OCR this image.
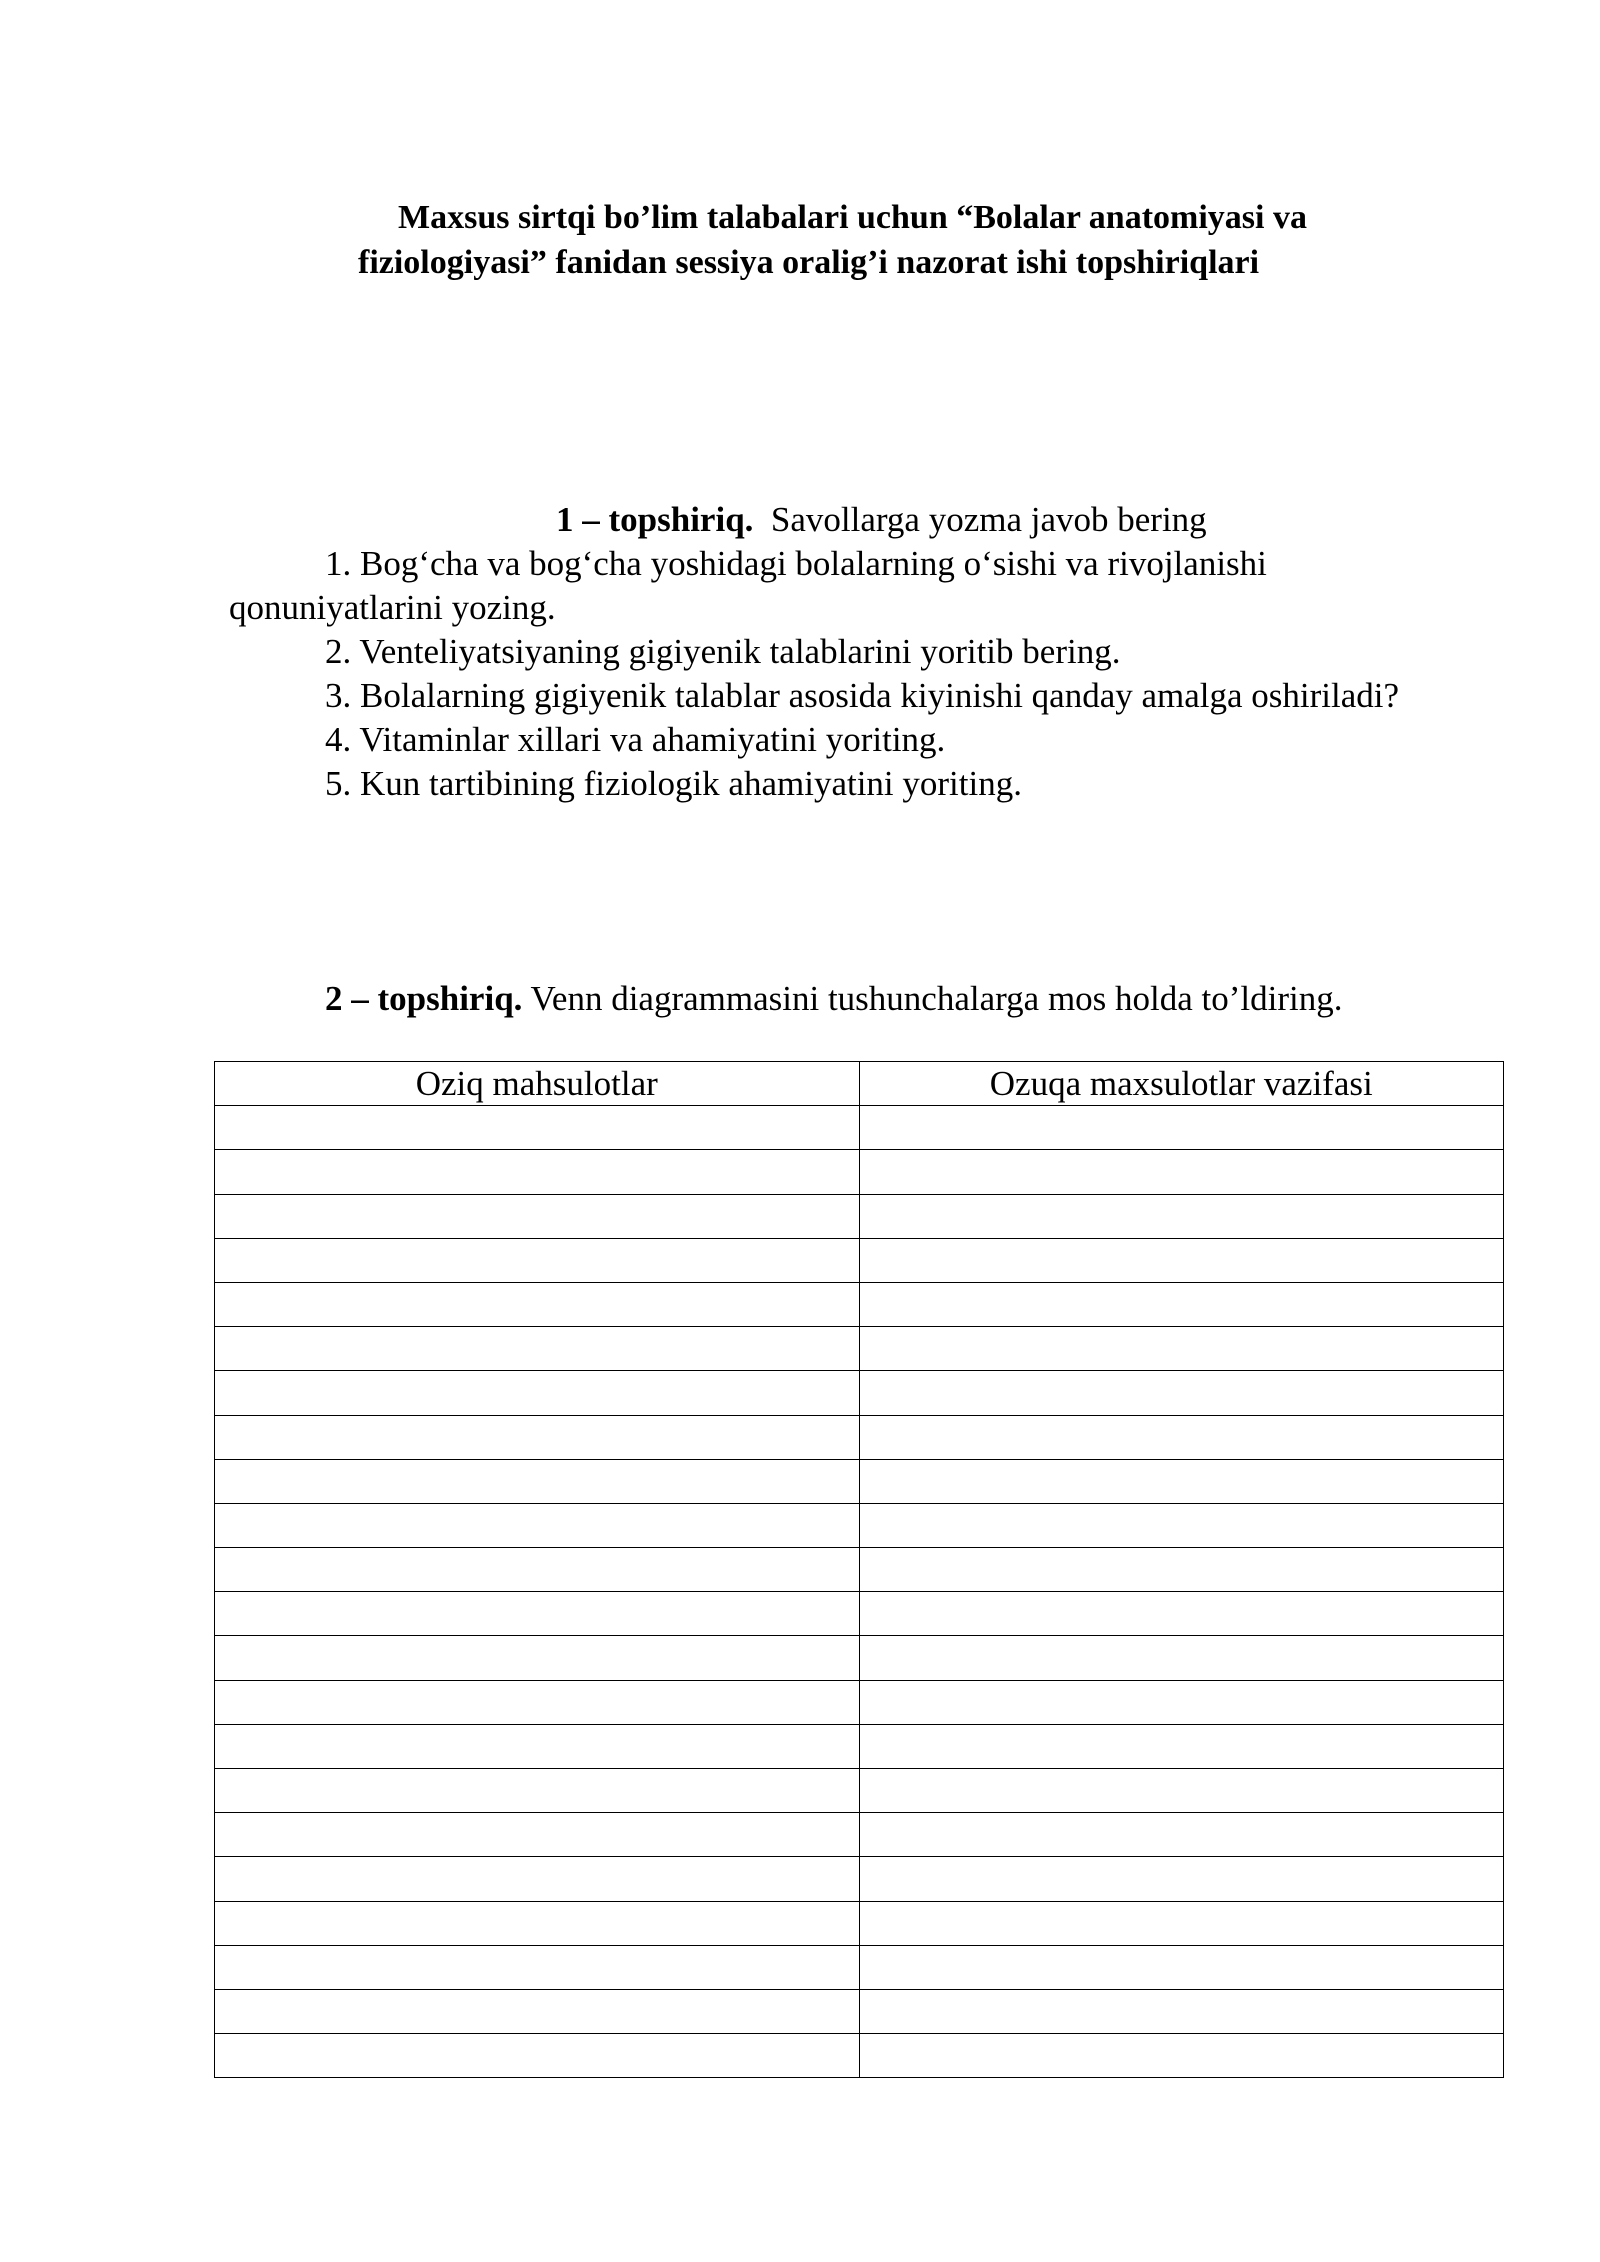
Maxsus sirtqi bo’lim talabalari uchun “Bolalar anatomiyasi va
fiziologiyasi” fanidan sessiya oralig’i nazorat ishi topshiriqlari
1 – topshiriq. Savollarga yozma javob bering
1. Bog‘cha va bog‘cha yoshidagi bolalarning o‘sishi va rivojlanishi
qonuniyatlarini yozing.
2. Venteliyatsiyaning gigiyenik talablarini yoritib bering.
3. Bolalarning gigiyenik talablar asosida kiyinishi qanday amalga oshiriladi?
4. Vitaminlar xillari va ahamiyatini yoriting.
5. Kun tartibining fiziologik ahamiyatini yoriting.
2 – topshiriq. Venn diagrammasini tushunchalarga mos holda to’ldiring.
Oziq mahsulotlar	Ozuqa maxsulotlar vazifasi
